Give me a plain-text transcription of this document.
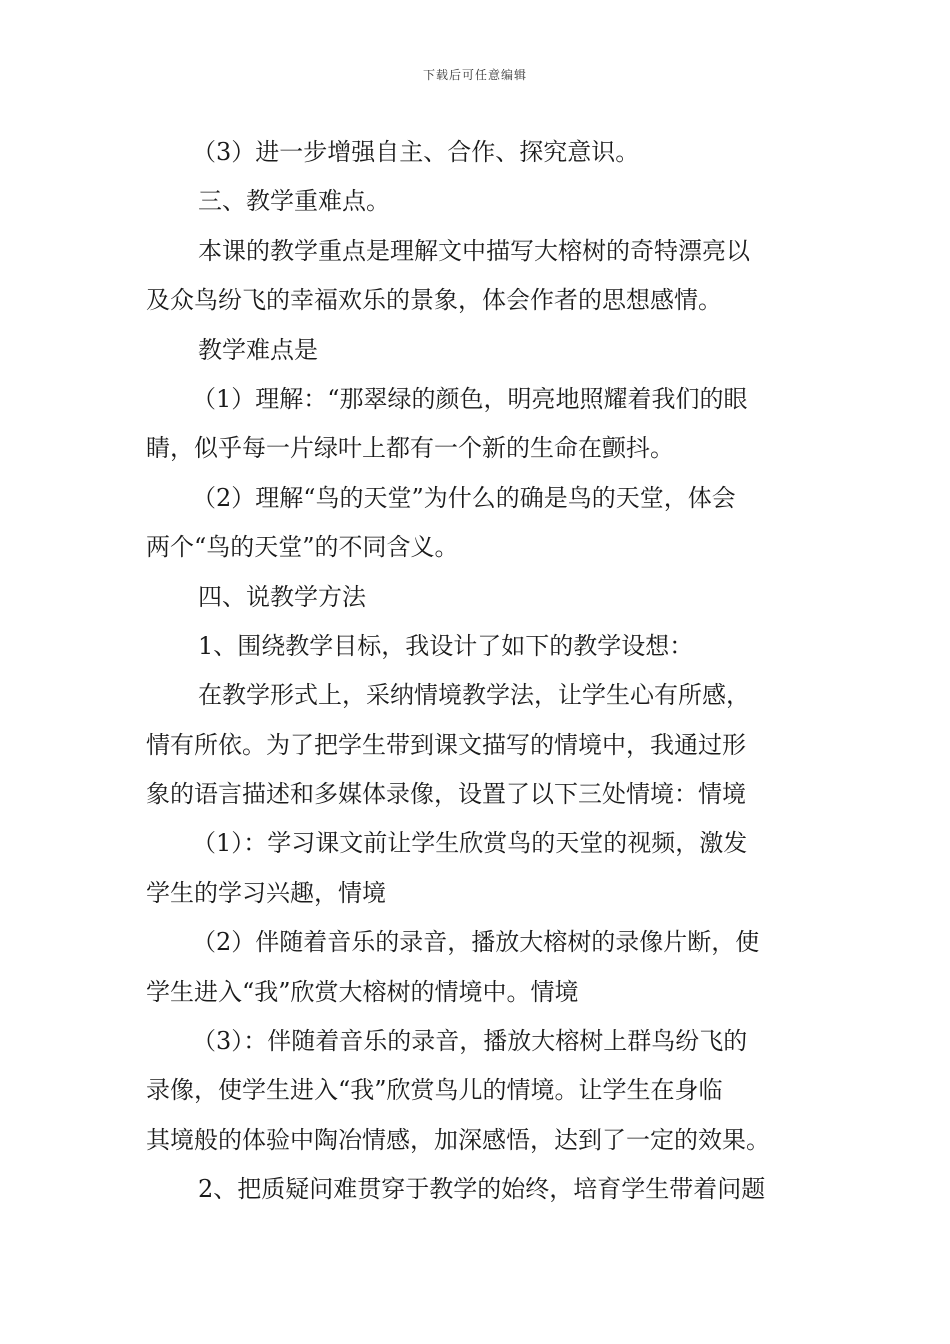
下载后可任意编辑
（3）进一步增强自主、合作、探究意识。
三、教学重难点。
本课的教学重点是理解文中描写大榕树的奇特漂亮以
及众鸟纷飞的幸福欢乐的景象，体会作者的思想感情。
教学难点是
（1）理解：“那翠绿的颜色，明亮地照耀着我们的眼
睛，似乎每一片绿叶上都有一个新的生命在颤抖。
（2）理解“鸟的天堂”为什么的确是鸟的天堂，体会
两个“鸟的天堂”的不同含义。
四、说教学方法
1、围绕教学目标，我设计了如下的教学设想：
在教学形式上，采纳情境教学法，让学生心有所感，
情有所依。为了把学生带到课文描写的情境中，我通过形
象的语言描述和多媒体录像，设置了以下三处情境：情境
（1）：学习课文前让学生欣赏鸟的天堂的视频，激发
学生的学习兴趣，情境
（2）伴随着音乐的录音，播放大榕树的录像片断，使
学生进入“我”欣赏大榕树的情境中。情境
（3）：伴随着音乐的录音，播放大榕树上群鸟纷飞的
录像，使学生进入“我”欣赏鸟儿的情境。让学生在身临
其境般的体验中陶冶情感，加深感悟，达到了一定的效果。
2、把质疑问难贯穿于教学的始终，培育学生带着问题
